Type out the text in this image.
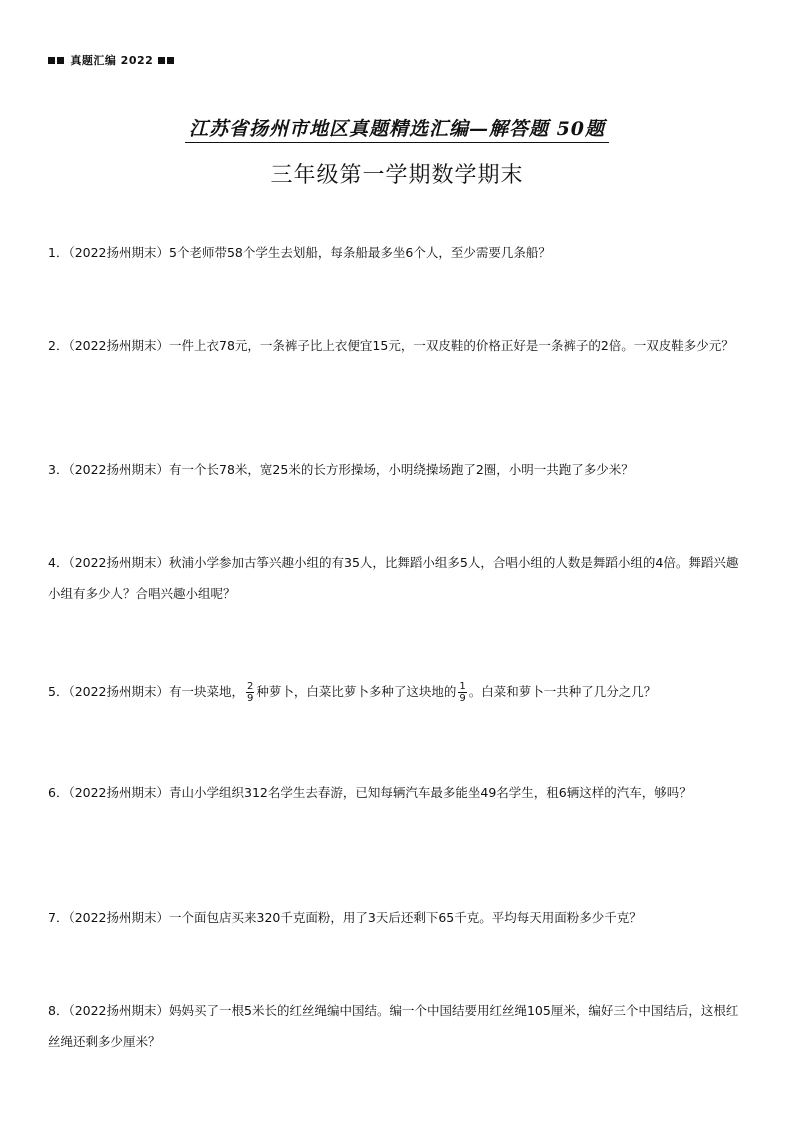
真题汇编 2022
江苏省扬州市地区真题精选汇编—解答题 50题
三年级第一学期数学期末
1．（2022扬州期末）5个老师带58个学生去划船，每条船最多坐6个人，至少需要几条船？
2．（2022扬州期末）一件上衣78元，一条裤子比上衣便宜15元，一双皮鞋的价格正好是一条裤子的2倍。一双皮鞋多少元？
3．（2022扬州期末）有一个长78米，宽25米的长方形操场，小明绕操场跑了2圈，小明一共跑了多少米？
4．（2022扬州期末）秋浦小学参加古筝兴趣小组的有35人，比舞蹈小组多5人，合唱小组的人数是舞蹈小组的4倍。舞蹈兴趣小组有多少人？合唱兴趣小组呢？
5．（2022扬州期末）有一块菜地， $\frac{2}{9}$ 种萝卜，白菜比萝卜多种了这块地的 $\frac{1}{9}$ 。白菜和萝卜一共种了几分之几？
6．（2022扬州期末）青山小学组织312名学生去春游，已知每辆汽车最多能坐49名学生，租6辆这样的汽车，够吗？
7．（2022扬州期末）一个面包店买来320千克面粉，用了3天后还剩下65千克。平均每天用面粉多少千克？
8．（2022扬州期末）妈妈买了一根5米长的红丝绳编中国结。编一个中国结要用红丝绳105厘米，编好三个中国结后，这根红丝绳还剩多少厘米？
